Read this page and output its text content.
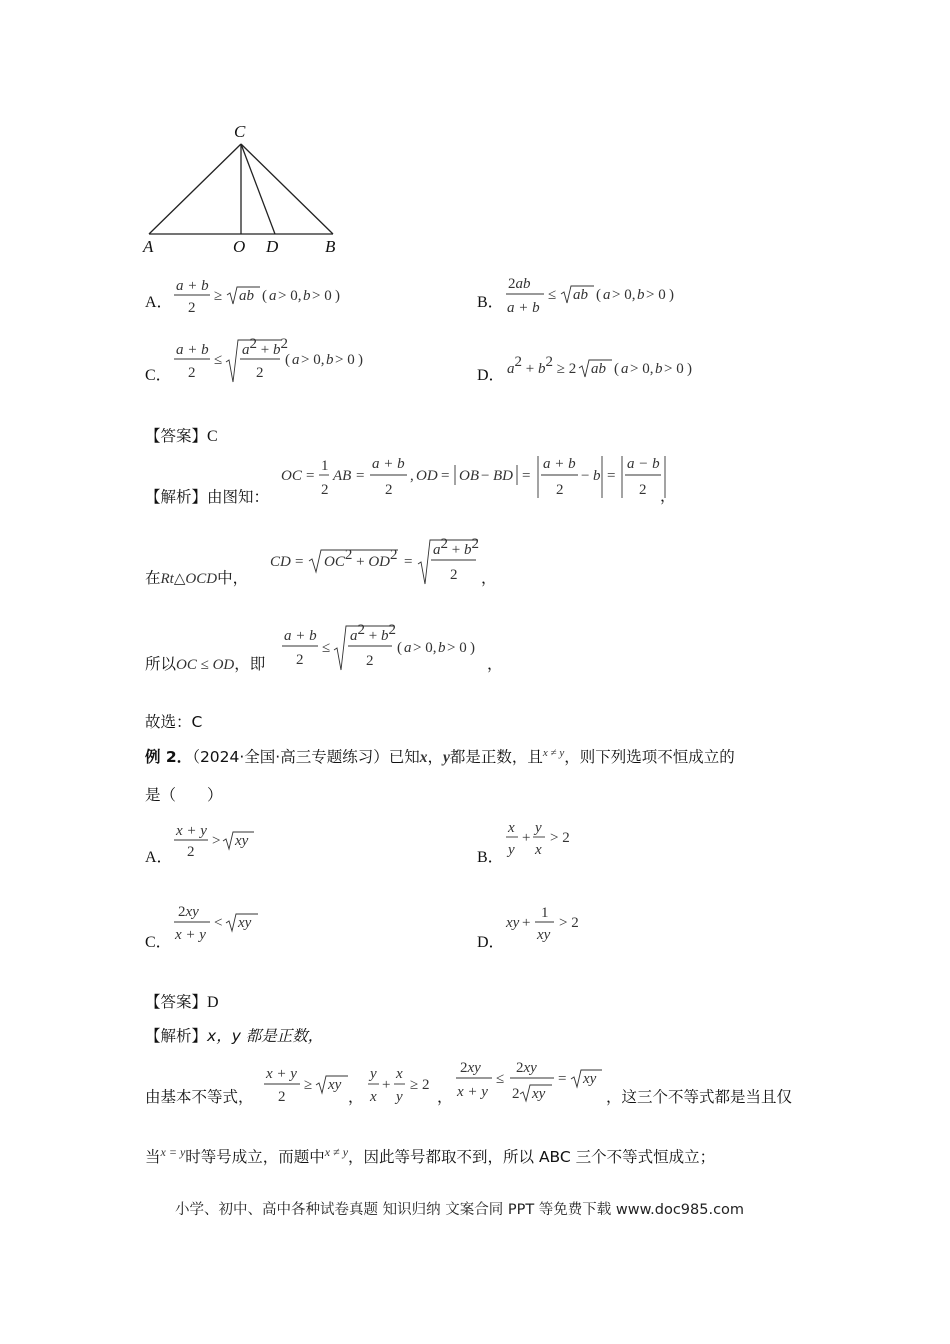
C
A	O D	B
A．
a + b
2
≥ ab ( a > 0, b > 0 )	B．
2ab
a + b
≤ ab ( a > 0, b > 0 )
C．
a + b
2
≤
a2 + b2
2
( a > 0, b > 0 )
D． a2 + b2 ≥ 2 ab ( a > 0, b > 0 )
【答案】C
【解析】由图知：
OC =
1
2
AB =
a + b
2
, OD = OB − BD =
a + b
2
− b =
a − b
2 ，
在Rt△OCD中，
CD = OC2 + OD2 =
a2 + b2
2 ，
所以OC ≤ OD，即
a + b
2
≤
a2 + b2
2
( a > 0, b > 0 )
，
故选：C
例 2．（2024·全国·高三专题练习）已知x，y都是正数，且$^{x \ne y}$，则下列选项不恒成立的
是（　　）
A．
x + y
2
> xy
B．
x
y
+
y
x
> 2
C．
2xy
x + y
< xy
D．
xy +
1
xy
> 2
【答案】D
【解析】x，y 都是正数，
由基本不等式，
x + y
2
≥ xy
，
y
x
+
x
y
≥ 2
，
2xy
x + y
≤
2xy
2 xy
= xy
，这三个不等式都是当且仅
当$^{x = y}$时等号成立，而题中$^{x \ne y}$，因此等号都取不到，所以 ABC 三个不等式恒成立；
小学、初中、高中各种试卷真题 知识归纳 文案合同 PPT 等免费下载 www.doc985.com
